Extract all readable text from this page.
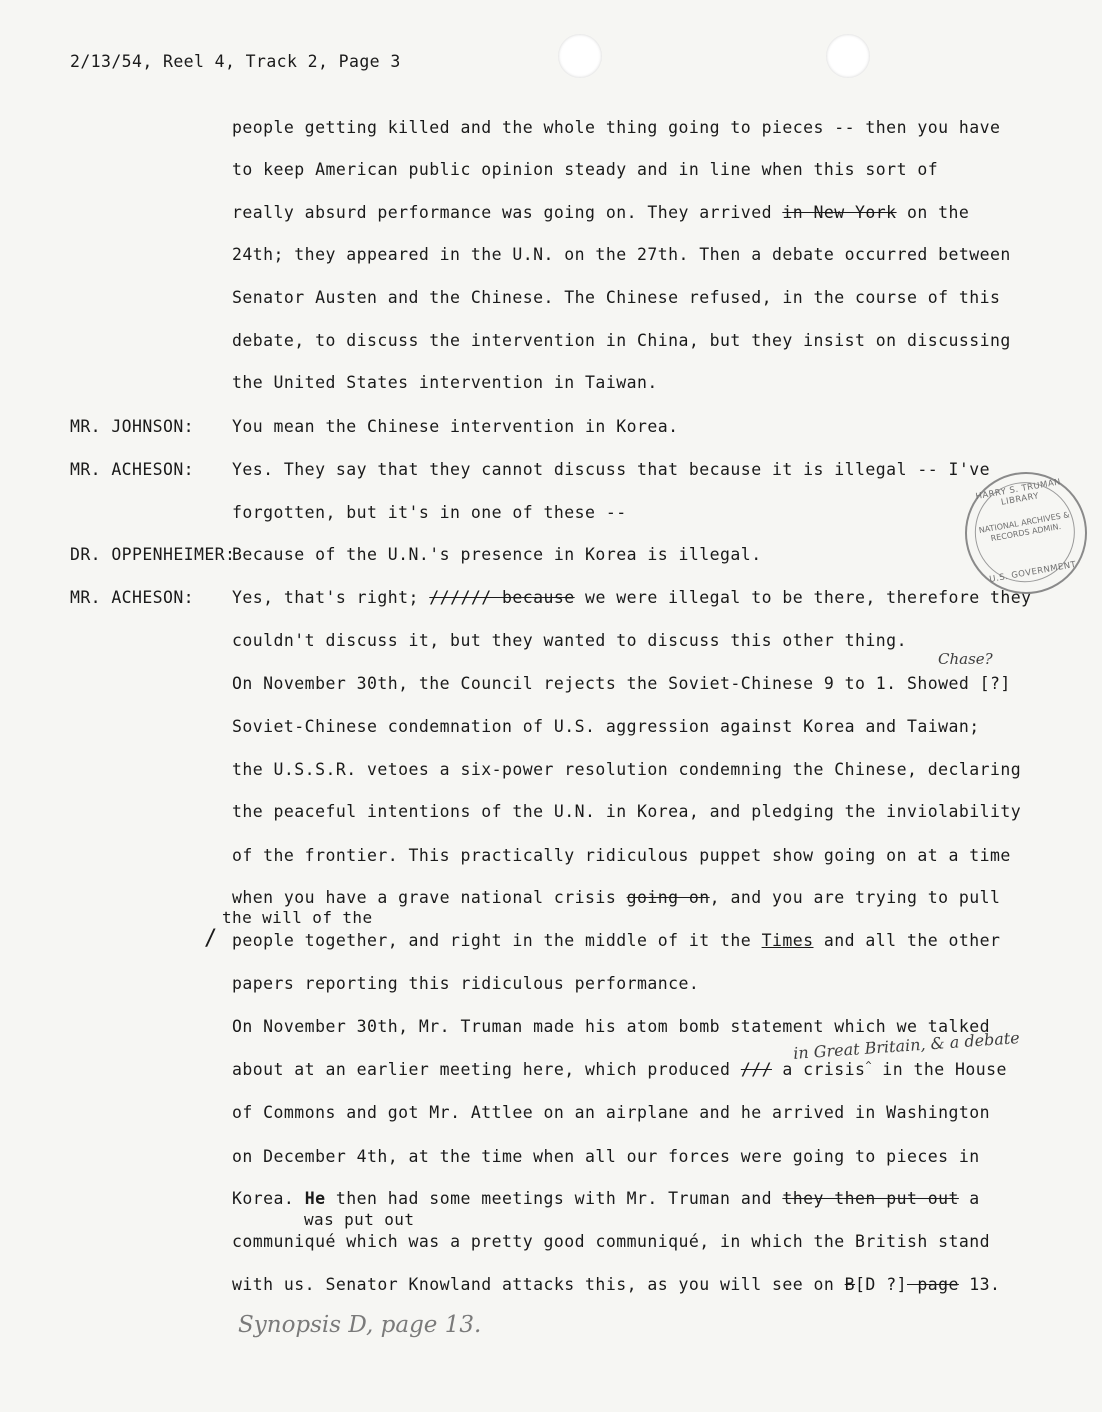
2/13/54, Reel 4, Track 2, Page 3
people getting killed and the whole thing going to pieces -- then you have
to keep American public opinion steady and in line when this sort of
really absurd performance was going on. They arrived in New York on the
24th; they appeared in the U.N. on the 27th. Then a debate occurred between
Senator Austen and the Chinese. The Chinese refused, in the course of this
debate, to discuss the intervention in China, but they insist on discussing
the United States intervention in Taiwan.
MR. JOHNSON: You mean the Chinese intervention in Korea.
MR. ACHESON: Yes. They say that they cannot discuss that because it is illegal -- I've
forgotten, but it's in one of these --
DR. OPPENHEIMER:
Because of the U.N.'s presence in Korea is illegal.
MR. ACHESON: Yes, that's right; ////// because we were illegal to be there, therefore they
couldn't discuss it, but they wanted to discuss this other thing.
Chase?
On November 30th, the Council rejects the Soviet-Chinese 9 to 1. Showed [?]
Soviet-Chinese condemnation of U.S. aggression against Korea and Taiwan;
the U.S.S.R. vetoes a six-power resolution condemning the Chinese, declaring
the peaceful intentions of the U.N. in Korea, and pledging the inviolability
of the frontier. This practically ridiculous puppet show going on at a time
when you have a grave national crisis going on, and you are trying to pull
the will of the
/ people together, and right in the middle of it the Times and all the other
papers reporting this ridiculous performance.
On November 30th, Mr. Truman made his atom bomb statement which we talked
in Great Britain, & a debate
about at an earlier meeting here, which produced /// a crisis^ in the House
of Commons and got Mr. Attlee on an airplane and he arrived in Washington
on December 4th, at the time when all our forces were going to pieces in
Korea. He then had some meetings with Mr. Truman and they then put out a
was put out
communiqué which was a pretty good communiqué, in which the British stand
with us. Senator Knowland attacks this, as you will see on B[D ?] page 13.
Synopsis D, page 13.
HARRY S. TRUMAN LIBRARY
NATIONAL ARCHIVES & RECORDS ADMIN.
U.S. GOVERNMENT
